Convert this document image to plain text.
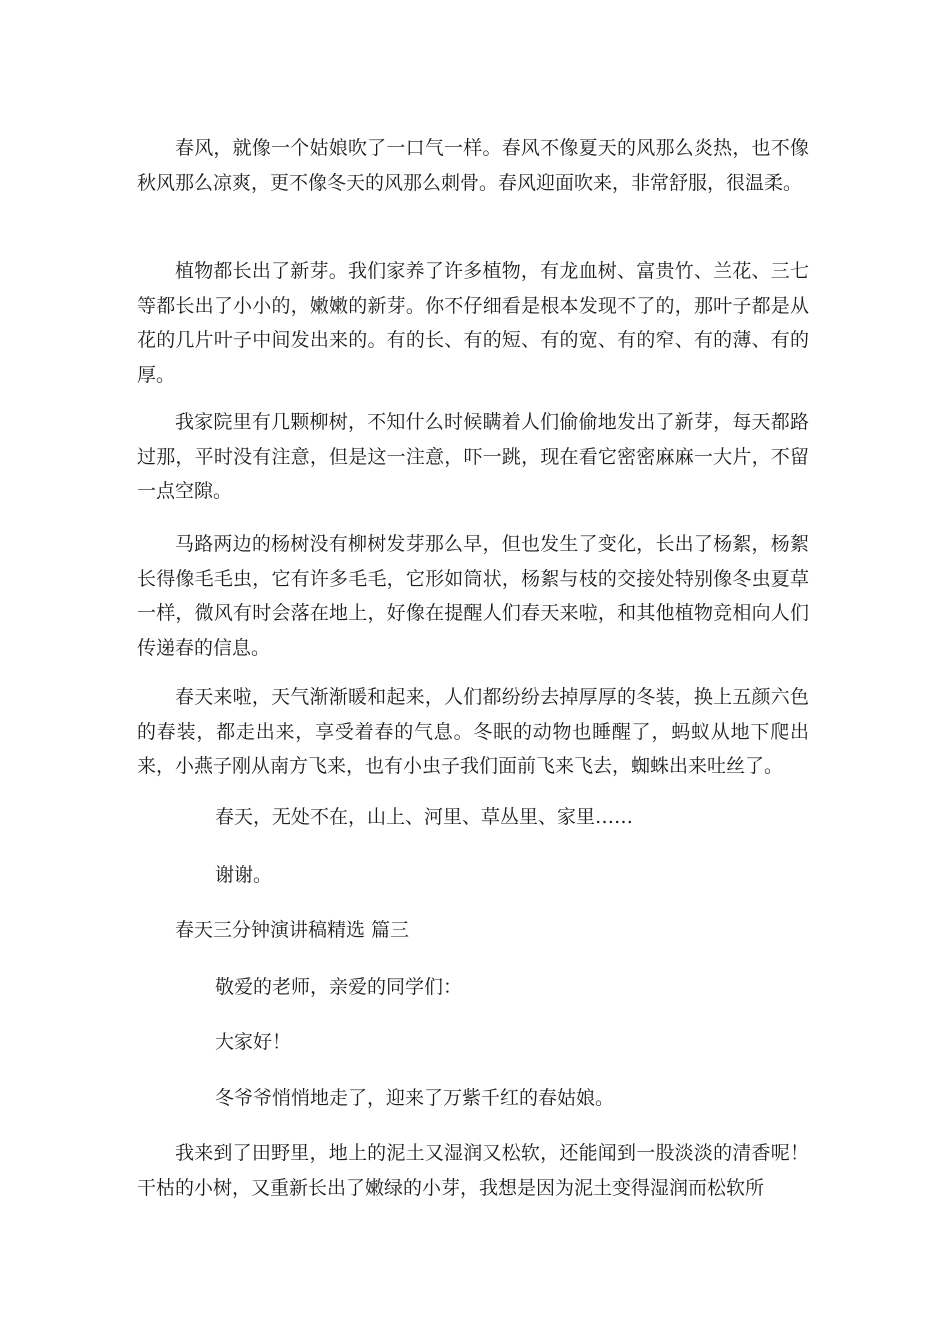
春风，就像一个姑娘吹了一口气一样。春风不像夏天的风那么炎热，也不像秋风那么凉爽，更不像冬天的风那么刺骨。春风迎面吹来，非常舒服，很温柔。

植物都长出了新芽。我们家养了许多植物，有龙血树、富贵竹、兰花、三七等都长出了小小的，嫩嫩的新芽。你不仔细看是根本发现不了的，那叶子都是从花的几片叶子中间发出来的。有的长、有的短、有的宽、有的窄、有的薄、有的厚。

我家院里有几颗柳树，不知什么时候瞒着人们偷偷地发出了新芽，每天都路过那，平时没有注意，但是这一注意，吓一跳，现在看它密密麻麻一大片，不留一点空隙。

马路两边的杨树没有柳树发芽那么早，但也发生了变化，长出了杨絮，杨絮长得像毛毛虫，它有许多毛毛，它形如筒状，杨絮与枝的交接处特别像冬虫夏草一样，微风有时会落在地上，好像在提醒人们春天来啦，和其他植物竞相向人们传递春的信息。

春天来啦，天气渐渐暖和起来，人们都纷纷去掉厚厚的冬装，换上五颜六色的春装，都走出来，享受着春的气息。冬眠的动物也睡醒了，蚂蚁从地下爬出来，小燕子刚从南方飞来，也有小虫子我们面前飞来飞去，蜘蛛出来吐丝了。

春天，无处不在，山上、河里、草丛里、家里……

谢谢。

春天三分钟演讲稿精选 篇三

敬爱的老师，亲爱的同学们：

大家好！

冬爷爷悄悄地走了，迎来了万紫千红的春姑娘。

我来到了田野里，地上的泥土又湿润又松软，还能闻到一股淡淡的清香呢！干枯的小树，又重新长出了嫩绿的小芽，我想是因为泥土变得湿润而松软所
